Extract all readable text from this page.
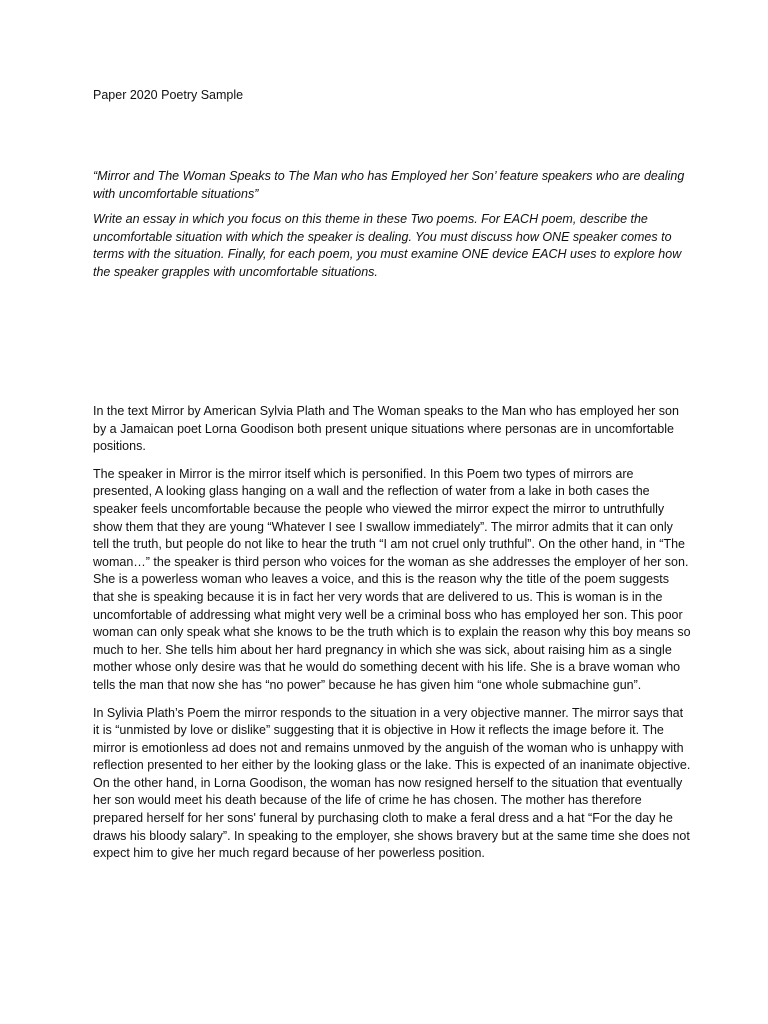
Paper 2020 Poetry Sample

“Mirror and The Woman Speaks to The Man who has Employed her Son’ feature speakers who are dealing with uncomfortable situations”

Write an essay in which you focus on this theme in these Two poems. For EACH poem, describe the uncomfortable situation with which the speaker is dealing. You must discuss how ONE speaker comes to terms with the situation. Finally, for each poem, you must examine ONE device EACH uses to explore how the speaker grapples with uncomfortable situations.

In the text Mirror by American Sylvia Plath and The Woman speaks to the Man who has employed her son by a Jamaican poet Lorna Goodison both present unique situations where personas are in uncomfortable positions.

The speaker in Mirror is the mirror itself which is personified. In this Poem two types of mirrors are presented, A looking glass hanging on a wall and the reflection of water from a lake in both cases the speaker feels uncomfortable because the people who viewed the mirror expect the mirror to untruthfully show them that they are young “Whatever I see I swallow immediately”. The mirror admits that it can only tell the truth, but people do not like to hear the truth “I am not cruel only truthful”. On the other hand, in “The woman…” the speaker is third person who voices for the woman as she addresses the employer of her son. She is a powerless woman who leaves a voice, and this is the reason why the title of the poem suggests that she is speaking because it is in fact her very words that are delivered to us. This is woman is in the uncomfortable of addressing what might very well be a criminal boss who has employed her son. This poor woman can only speak what she knows to be the truth which is to explain the reason why this boy means so much to her. She tells him about her hard pregnancy in which she was sick, about raising him as a single mother whose only desire was that he would do something decent with his life. She is a brave woman who tells the man that now she has “no power” because he has given him “one whole submachine gun”.

In Sylivia Plath’s Poem the mirror responds to the situation in a very objective manner. The mirror says that it is “unmisted by love or dislike” suggesting that it is objective in How it reflects the image before it. The mirror is emotionless ad does not and remains unmoved by the anguish of the woman who is unhappy with reflection presented to her either by the looking glass or the lake. This is expected of an inanimate objective. On the other hand, in Lorna Goodison, the woman has now resigned herself to the situation that eventually her son would meet his death because of the life of crime he has chosen. The mother has therefore prepared herself for her sons' funeral by purchasing cloth to make a feral dress and a hat “For the day he draws his bloody salary”. In speaking to the employer, she shows bravery but at the same time she does not expect him to give her much regard because of her powerless position.
